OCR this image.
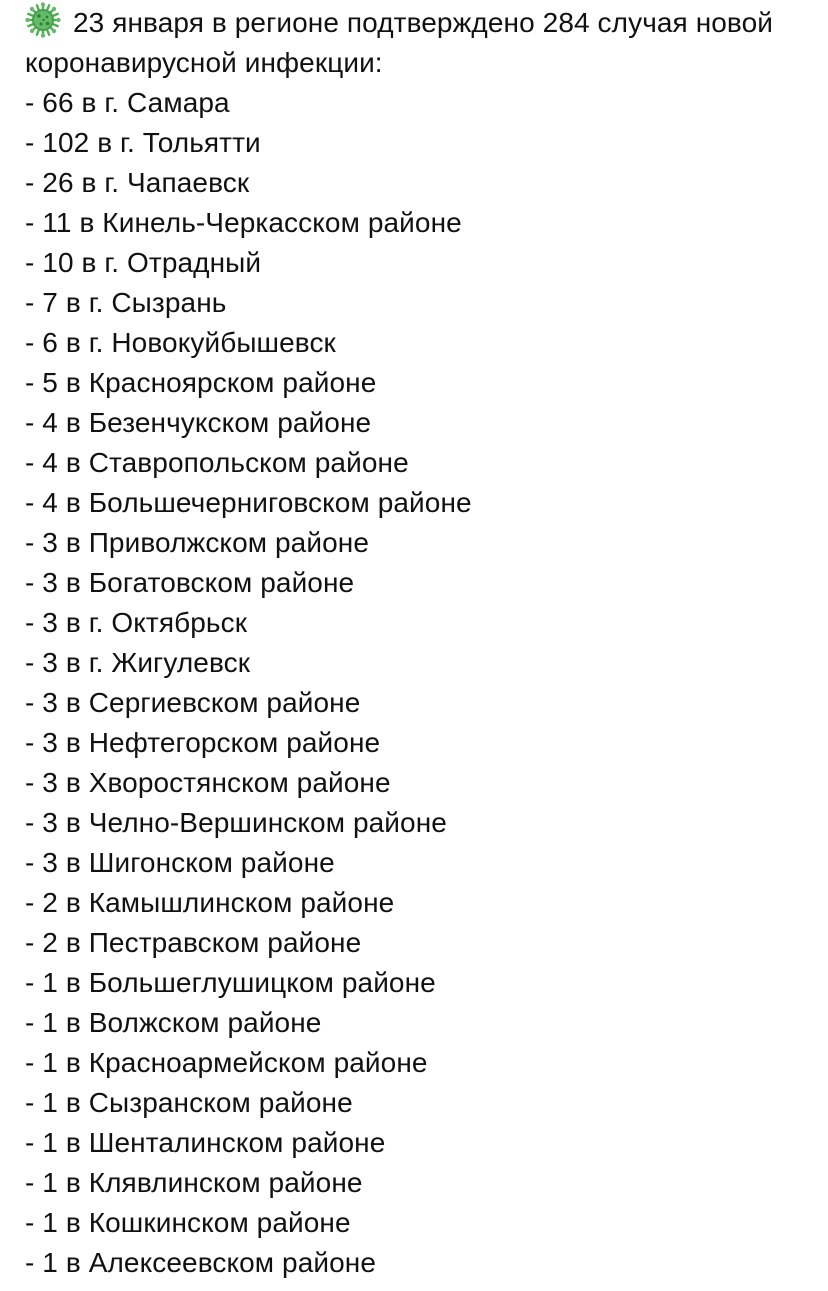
23 января в регионе подтверждено 284 случая новой коронавирусной инфекции:

- 66 в г. Самара
- 102 в г. Тольятти
- 26 в г. Чапаевск
- 11 в Кинель-Черкасском районе
- 10 в г. Отрадный
- 7 в г. Сызрань
- 6 в г. Новокуйбышевск
- 5 в Красноярском районе
- 4 в Безенчукском районе
- 4 в Ставропольском районе
- 4 в Большечерниговском районе
- 3 в Приволжском районе
- 3 в Богатовском районе
- 3 в г. Октябрьск
- 3 в г. Жигулевск
- 3 в Сергиевском районе
- 3 в Нефтегорском районе
- 3 в Хворостянском районе
- 3 в Челно-Вершинском районе
- 3 в Шигонском районе
- 2 в Камышлинском районе
- 2 в Пестравском районе
- 1 в Большеглушицком районе
- 1 в Волжском районе
- 1 в Красноармейском районе
- 1 в Сызранском районе
- 1 в Шенталинском районе
- 1 в Клявлинском районе
- 1 в Кошкинском районе
- 1 в Алексеевском районе
